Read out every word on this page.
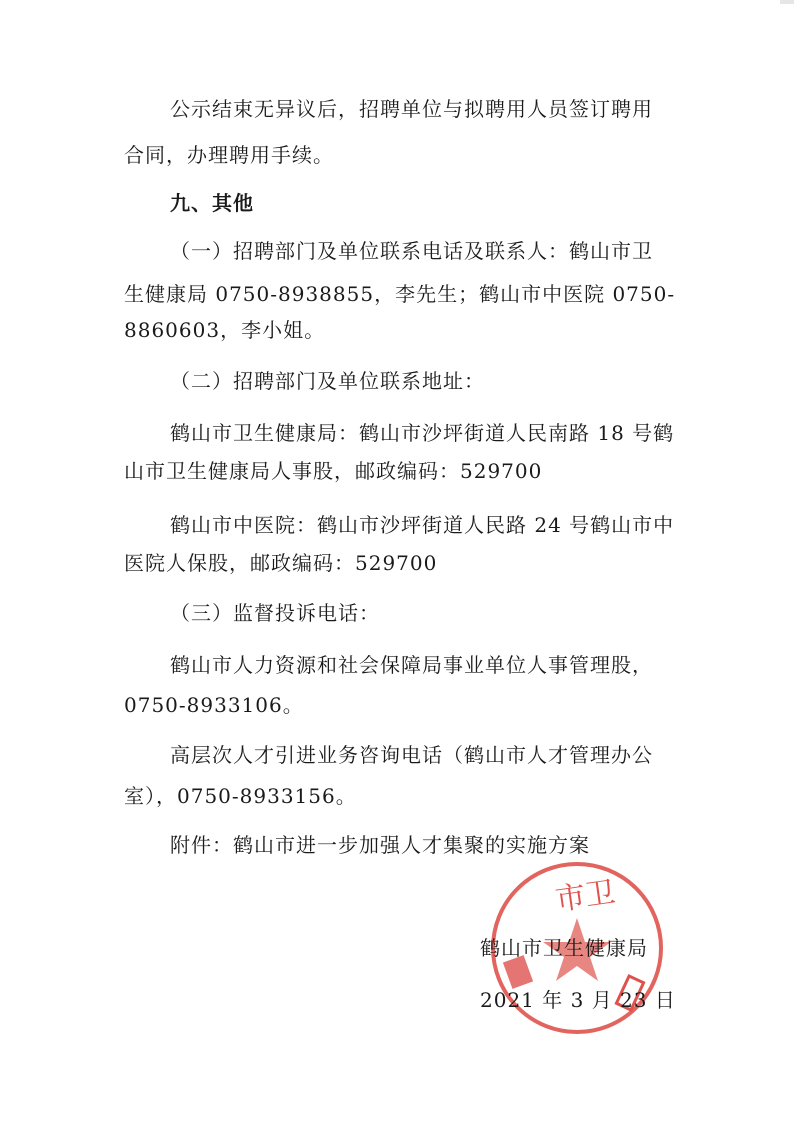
公示结束无异议后，招聘单位与拟聘用人员签订聘用
合同，办理聘用手续。
九、其他
（一）招聘部门及单位联系电话及联系人：鹤山市卫
生健康局 0750-8938855，李先生；鹤山市中医院 0750-
8860603，李小姐。
（二）招聘部门及单位联系地址：
鹤山市卫生健康局：鹤山市沙坪街道人民南路 18 号鹤
山市卫生健康局人事股，邮政编码：529700
鹤山市中医院：鹤山市沙坪街道人民路 24 号鹤山市中
医院人保股，邮政编码：529700
（三）监督投诉电话：
鹤山市人力资源和社会保障局事业单位人事管理股，
0750-8933106。
高层次人才引进业务咨询电话（鹤山市人才管理办公
室），0750-8933156。
附件：鹤山市进一步加强人才集聚的实施方案
市卫
鹤山市卫生健康局
2021 年 3 月 23 日
